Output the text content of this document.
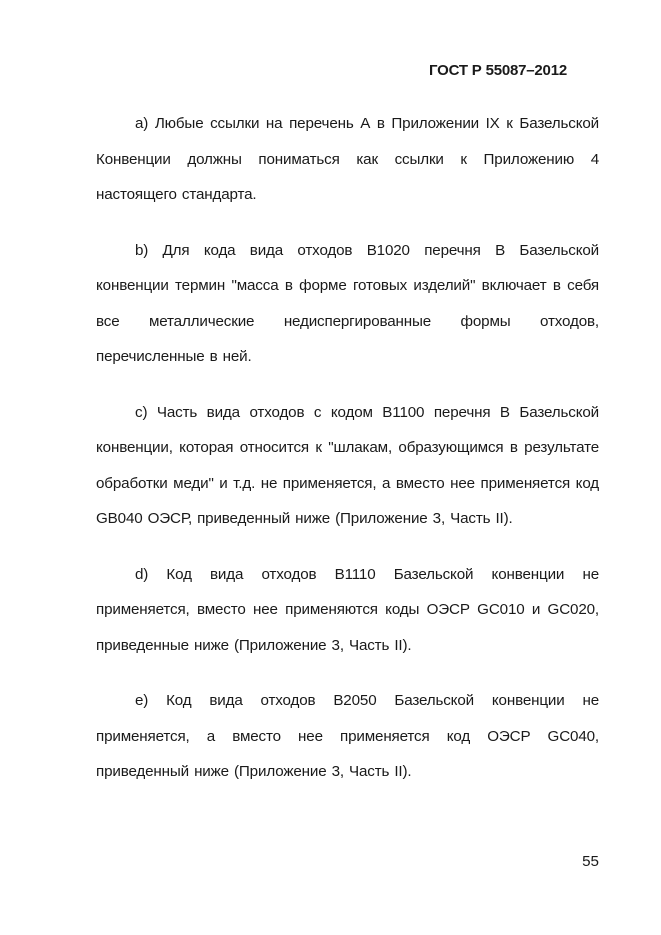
ГОСТ Р 55087–2012

а) Любые ссылки на перечень А в Приложении IX к Базельской Конвенции должны пониматься как ссылки к Приложению 4 настоящего стандарта.

b) Для кода вида отходов В1020 перечня В Базельской конвенции термин "масса в форме готовых изделий" включает в себя все металлические недиспергированные формы отходов, перечисленные в ней.

c) Часть вида отходов с кодом В1100 перечня В Базельской конвенции, которая относится к "шлакам, образующимся в результате обработки меди" и т.д. не применяется, а вместо нее применяется код GB040 ОЭСР, приведенный ниже (Приложение 3, Часть II).

d) Код вида отходов В1110 Базельской конвенции не применяется, вместо нее применяются коды ОЭСР GC010 и GC020, приведенные ниже (Приложение 3, Часть II).

e) Код вида отходов В2050 Базельской конвенции не применяется, а вместо нее применяется код ОЭСР GC040, приведенный ниже (Приложение 3, Часть II).

55
